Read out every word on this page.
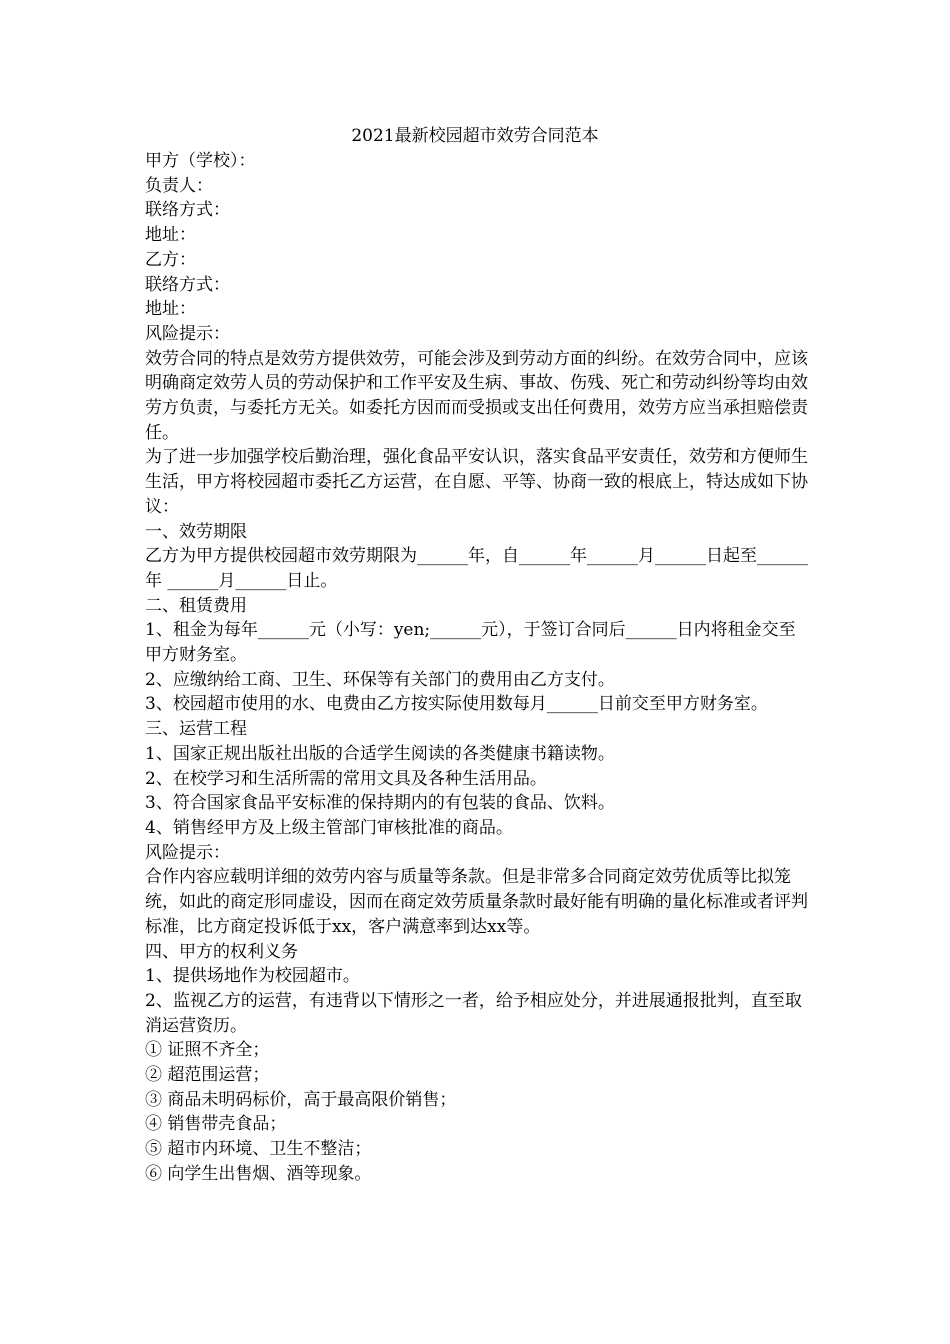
2021最新校园超市效劳合同范本

甲方（学校）：

负责人：

联络方式：

地址：

乙方：

联络方式：

地址：

风险提示：

效劳合同的特点是效劳方提供效劳，可能会涉及到劳动方面的纠纷。在效劳合同中，应该明确商定效劳人员的劳动保护和工作平安及生病、事故、伤残、死亡和劳动纠纷等均由效劳方负责，与委托方无关。如委托方因而而受损或支出任何费用，效劳方应当承担赔偿责任。

为了进一步加强学校后勤治理，强化食品平安认识，落实食品平安责任，效劳和方便师生生活，甲方将校园超市委托乙方运营，在自愿、平等、协商一致的根底上，特达成如下协议：

一、效劳期限

乙方为甲方提供校园超市效劳期限为______年，自______年______月______日起至______年 ______月______日止。

二、租赁费用

1、租金为每年______元（小写：yen;______元），于签订合同后______日内将租金交至甲方财务室。

2、应缴纳给工商、卫生、环保等有关部门的费用由乙方支付。

3、校园超市使用的水、电费由乙方按实际使用数每月______日前交至甲方财务室。

三、运营工程

1、国家正规出版社出版的合适学生阅读的各类健康书籍读物。

2、在校学习和生活所需的常用文具及各种生活用品。

3、符合国家食品平安标准的保持期内的有包装的食品、饮料。

4、销售经甲方及上级主管部门审核批准的商品。

风险提示：

合作内容应载明详细的效劳内容与质量等条款。但是非常多合同商定效劳优质等比拟笼统，如此的商定形同虚设，因而在商定效劳质量条款时最好能有明确的量化标准或者评判标准，比方商定投诉低于xx，客户满意率到达xx等。

四、甲方的权利义务

1、提供场地作为校园超市。

2、监视乙方的运营，有违背以下情形之一者，给予相应处分，并进展通报批判，直至取消运营资历。

① 证照不齐全；

② 超范围运营；

③ 商品未明码标价，高于最高限价销售；

④ 销售带壳食品；

⑤ 超市内环境、卫生不整洁；

⑥ 向学生出售烟、酒等现象。
